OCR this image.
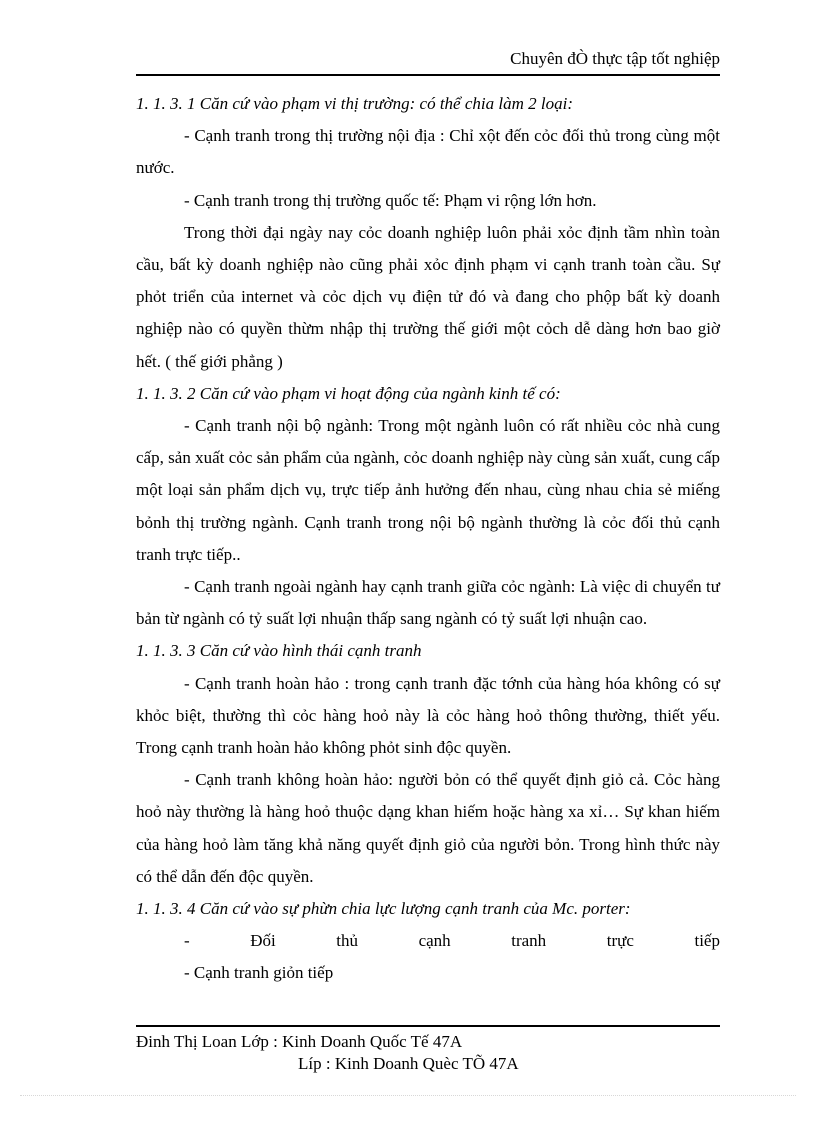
Chuyên đÒ thực tập tốt nghiệp

1. 1. 3. 1 Căn cứ vào phạm vi thị trường: có thể chia làm 2 loại:

- Cạnh tranh trong thị trường nội địa : Chỉ xột đến cỏc đối thủ trong cùng một nước.

- Cạnh tranh trong thị trường quốc tế: Phạm vi rộng lớn hơn.

Trong thời đại ngày nay cỏc doanh nghiệp luôn phải xỏc định tầm nhìn toàn cầu, bất kỳ doanh nghiệp nào cũng phải xỏc định phạm vi cạnh tranh toàn cầu. Sự phỏt triển của internet và cỏc dịch vụ điện tử đó và đang cho phộp bất kỳ doanh nghiệp nào có quyền thừm nhập thị trường thế giới một cỏch dễ dàng hơn bao giờ hết. ( thế giới phẳng )

1. 1. 3. 2 Căn cứ vào phạm vi hoạt động của ngành kinh tế có:

- Cạnh tranh nội bộ ngành: Trong một ngành luôn có rất nhiều cỏc nhà cung cấp, sản xuất cỏc sản phẩm của ngành, cỏc doanh nghiệp này cùng sản xuất, cung cấp một loại sản phẩm dịch vụ, trực tiếp ảnh hưởng đến nhau, cùng nhau chia sẻ miếng bỏnh thị trường ngành. Cạnh tranh trong nội bộ ngành thường là cỏc đối thủ cạnh tranh trực tiếp..

- Cạnh tranh ngoài ngành hay cạnh tranh giữa cỏc ngành: Là việc di chuyển tư bản từ ngành có tỷ suất lợi nhuận thấp sang ngành có tỷ suất lợi nhuận cao.

1. 1. 3. 3 Căn cứ vào hình thái cạnh tranh

- Cạnh tranh hoàn hảo : trong cạnh tranh đặc tớnh của hàng hóa không có sự khỏc biệt, thường thì cỏc hàng hoỏ này là cỏc hàng hoỏ thông thường, thiết yếu. Trong cạnh tranh hoàn hảo không phỏt sinh độc quyền.

- Cạnh tranh không hoàn hảo: người bỏn có thể quyết định giỏ cả. Cỏc hàng hoỏ này thường là hàng hoỏ thuộc dạng khan hiếm hoặc hàng xa xỉ… Sự khan hiếm của hàng hoỏ làm tăng khả năng quyết định giỏ của người bỏn. Trong hình thức này có thể dẫn đến độc quyền.

1. 1. 3. 4 Căn cứ vào sự phừn chia lực lượng cạnh tranh của Mc. porter:

-	Đối	thủ	cạnh	tranh	trực	tiếp

- Cạnh tranh giỏn tiếp

Đinh Thị Loan Lớp : Kinh Doanh Quốc Tế 47A
Líp : Kinh Doanh Quèc TÕ 47A
